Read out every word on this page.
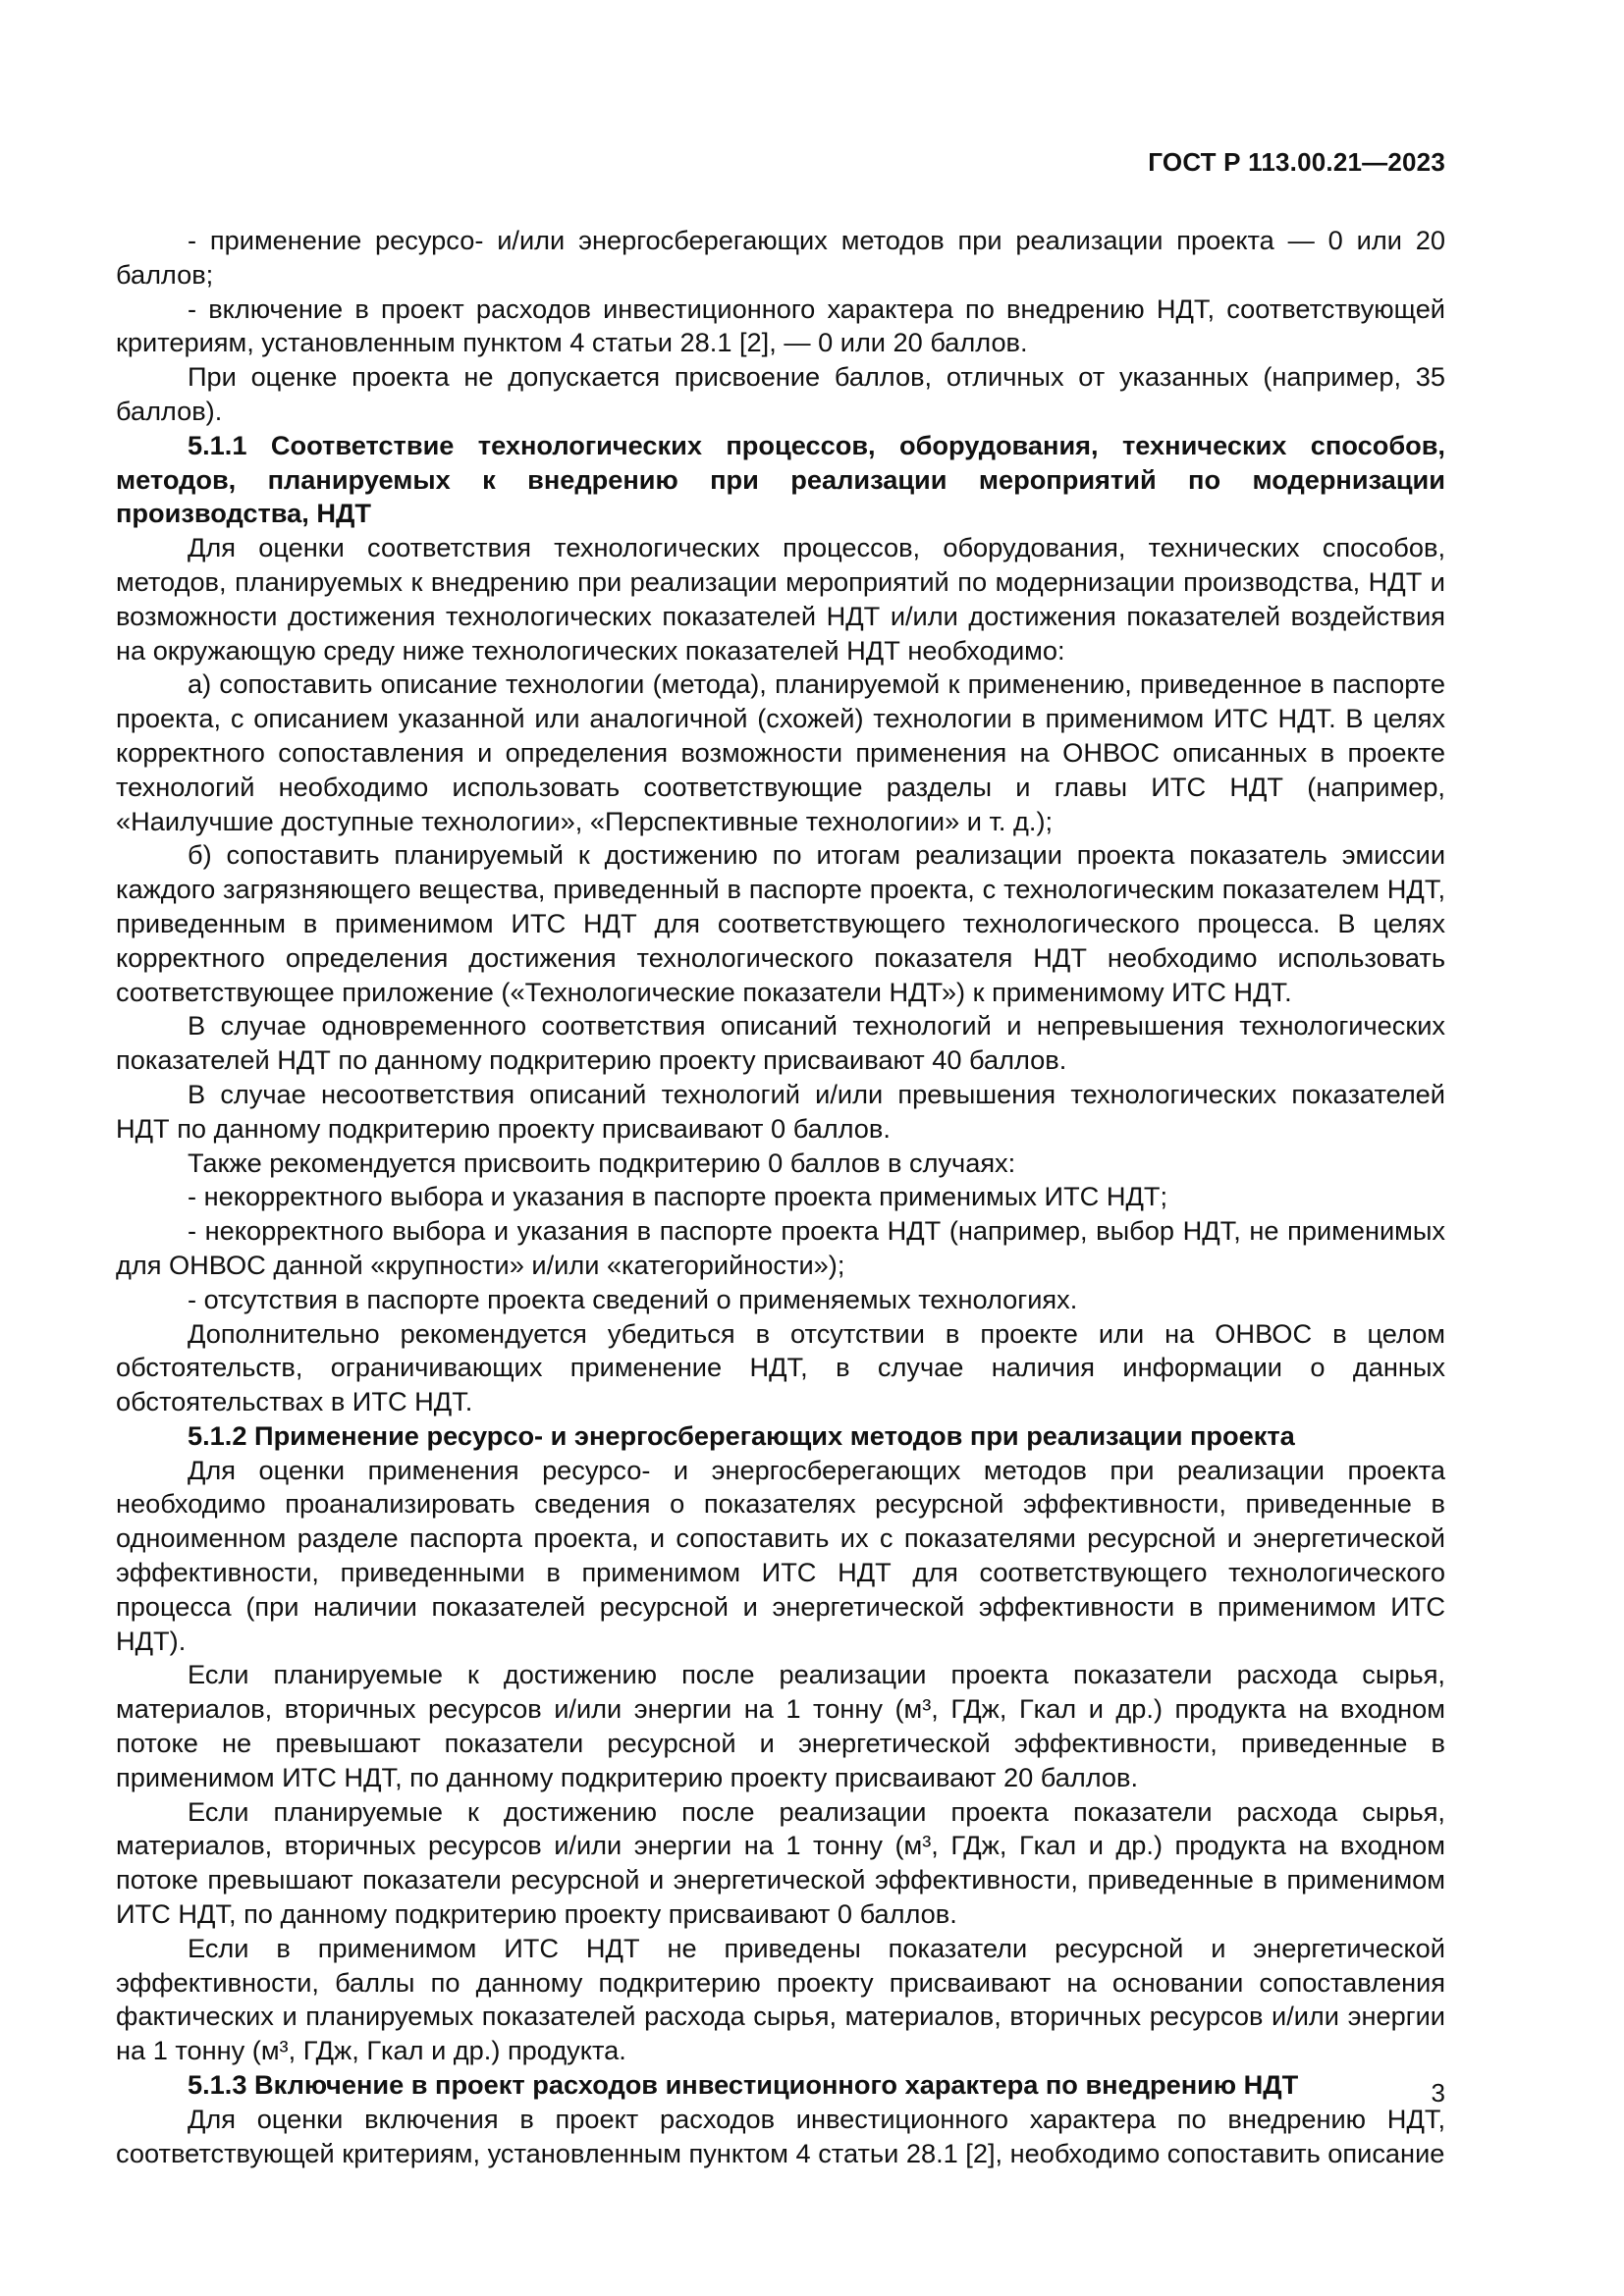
ГОСТ Р 113.00.21—2023

- применение ресурсо- и/или энергосберегающих методов при реализации проекта — 0 или 20 баллов;

- включение в проект расходов инвестиционного характера по внедрению НДТ, соответствующей критериям, установленным пунктом 4 статьи 28.1 [2], — 0 или 20 баллов.

При оценке проекта не допускается присвоение баллов, отличных от указанных (например, 35 баллов).

5.1.1 Соответствие технологических процессов, оборудования, технических способов, методов, планируемых к внедрению при реализации мероприятий по модернизации производства, НДТ

Для оценки соответствия технологических процессов, оборудования, технических способов, методов, планируемых к внедрению при реализации мероприятий по модернизации производства, НДТ и возможности достижения технологических показателей НДТ и/или достижения показателей воздействия на окружающую среду ниже технологических показателей НДТ необходимо:

а) сопоставить описание технологии (метода), планируемой к применению, приведенное в паспорте проекта, с описанием указанной или аналогичной (схожей) технологии в применимом ИТС НДТ. В целях корректного сопоставления и определения возможности применения на ОНВОС описанных в проекте технологий необходимо использовать соответствующие разделы и главы ИТС НДТ (например, «Наилучшие доступные технологии», «Перспективные технологии» и т. д.);

б) сопоставить планируемый к достижению по итогам реализации проекта показатель эмиссии каждого загрязняющего вещества, приведенный в паспорте проекта, с технологическим показателем НДТ, приведенным в применимом ИТС НДТ для соответствующего технологического процесса. В целях корректного определения достижения технологического показателя НДТ необходимо использовать соответствующее приложение («Технологические показатели НДТ») к применимому ИТС НДТ.

В случае одновременного соответствия описаний технологий и непревышения технологических показателей НДТ по данному подкритерию проекту присваивают 40 баллов.

В случае несоответствия описаний технологий и/или превышения технологических показателей НДТ по данному подкритерию проекту присваивают 0 баллов.

Также рекомендуется присвоить подкритерию 0 баллов в случаях:

- некорректного выбора и указания в паспорте проекта применимых ИТС НДТ;

- некорректного выбора и указания в паспорте проекта НДТ (например, выбор НДТ, не применимых для ОНВОС данной «крупности» и/или «категорийности»);

- отсутствия в паспорте проекта сведений о применяемых технологиях.

Дополнительно рекомендуется убедиться в отсутствии в проекте или на ОНВОС в целом обстоятельств, ограничивающих применение НДТ, в случае наличия информации о данных обстоятельствах в ИТС НДТ.

5.1.2 Применение ресурсо- и энергосберегающих методов при реализации проекта

Для оценки применения ресурсо- и энергосберегающих методов при реализации проекта необходимо проанализировать сведения о показателях ресурсной эффективности, приведенные в одноименном разделе паспорта проекта, и сопоставить их с показателями ресурсной и энергетической эффективности, приведенными в применимом ИТС НДТ для соответствующего технологического процесса (при наличии показателей ресурсной и энергетической эффективности в применимом ИТС НДТ).

Если планируемые к достижению после реализации проекта показатели расхода сырья, материалов, вторичных ресурсов и/или энергии на 1 тонну (м³, ГДж, Гкал и др.) продукта на входном потоке не превышают показатели ресурсной и энергетической эффективности, приведенные в применимом ИТС НДТ, по данному подкритерию проекту присваивают 20 баллов.

Если планируемые к достижению после реализации проекта показатели расхода сырья, материалов, вторичных ресурсов и/или энергии на 1 тонну (м³, ГДж, Гкал и др.) продукта на входном потоке превышают показатели ресурсной и энергетической эффективности, приведенные в применимом ИТС НДТ, по данному подкритерию проекту присваивают 0 баллов.

Если в применимом ИТС НДТ не приведены показатели ресурсной и энергетической эффективности, баллы по данному подкритерию проекту присваивают на основании сопоставления фактических и планируемых показателей расхода сырья, материалов, вторичных ресурсов и/или энергии на 1 тонну (м³, ГДж, Гкал и др.) продукта.

5.1.3 Включение в проект расходов инвестиционного характера по внедрению НДТ

Для оценки включения в проект расходов инвестиционного характера по внедрению НДТ, соответствующей критериям, установленным пунктом 4 статьи 28.1 [2], необходимо сопоставить описание

3
